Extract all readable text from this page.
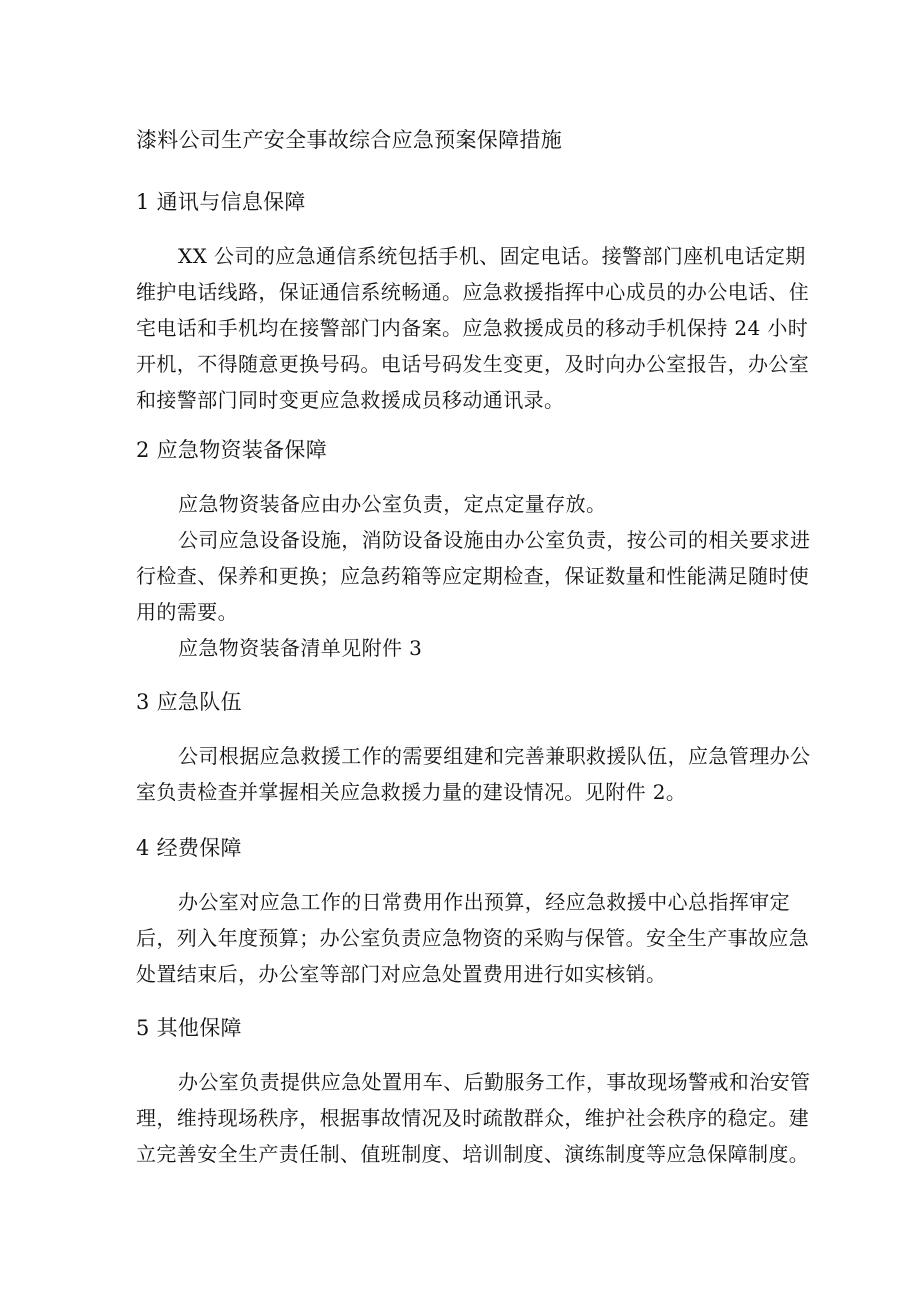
漆料公司生产安全事故综合应急预案保障措施
1 通讯与信息保障

XX 公司的应急通信系统包括手机、固定电话。接警部门座机电话定期维护电话线路，保证通信系统畅通。应急救援指挥中心成员的办公电话、住宅电话和手机均在接警部门内备案。应急救援成员的移动手机保持 24 小时开机，不得随意更换号码。电话号码发生变更，及时向办公室报告，办公室和接警部门同时变更应急救援成员移动通讯录。

2 应急物资装备保障

应急物资装备应由办公室负责，定点定量存放。

公司应急设备设施，消防设备设施由办公室负责，按公司的相关要求进行检查、保养和更换；应急药箱等应定期检查，保证数量和性能满足随时使用的需要。

应急物资装备清单见附件 3

3 应急队伍

公司根据应急救援工作的需要组建和完善兼职救援队伍，应急管理办公室负责检查并掌握相关应急救援力量的建设情况。见附件 2。

4 经费保障

办公室对应急工作的日常费用作出预算，经应急救援中心总指挥审定后，列入年度预算；办公室负责应急物资的采购与保管。安全生产事故应急处置结束后，办公室等部门对应急处置费用进行如实核销。

5 其他保障

办公室负责提供应急处置用车、后勤服务工作，事故现场警戒和治安管理，维持现场秩序，根据事故情况及时疏散群众，维护社会秩序的稳定。建立完善安全生产责任制、值班制度、培训制度、演练制度等应急保障制度。
